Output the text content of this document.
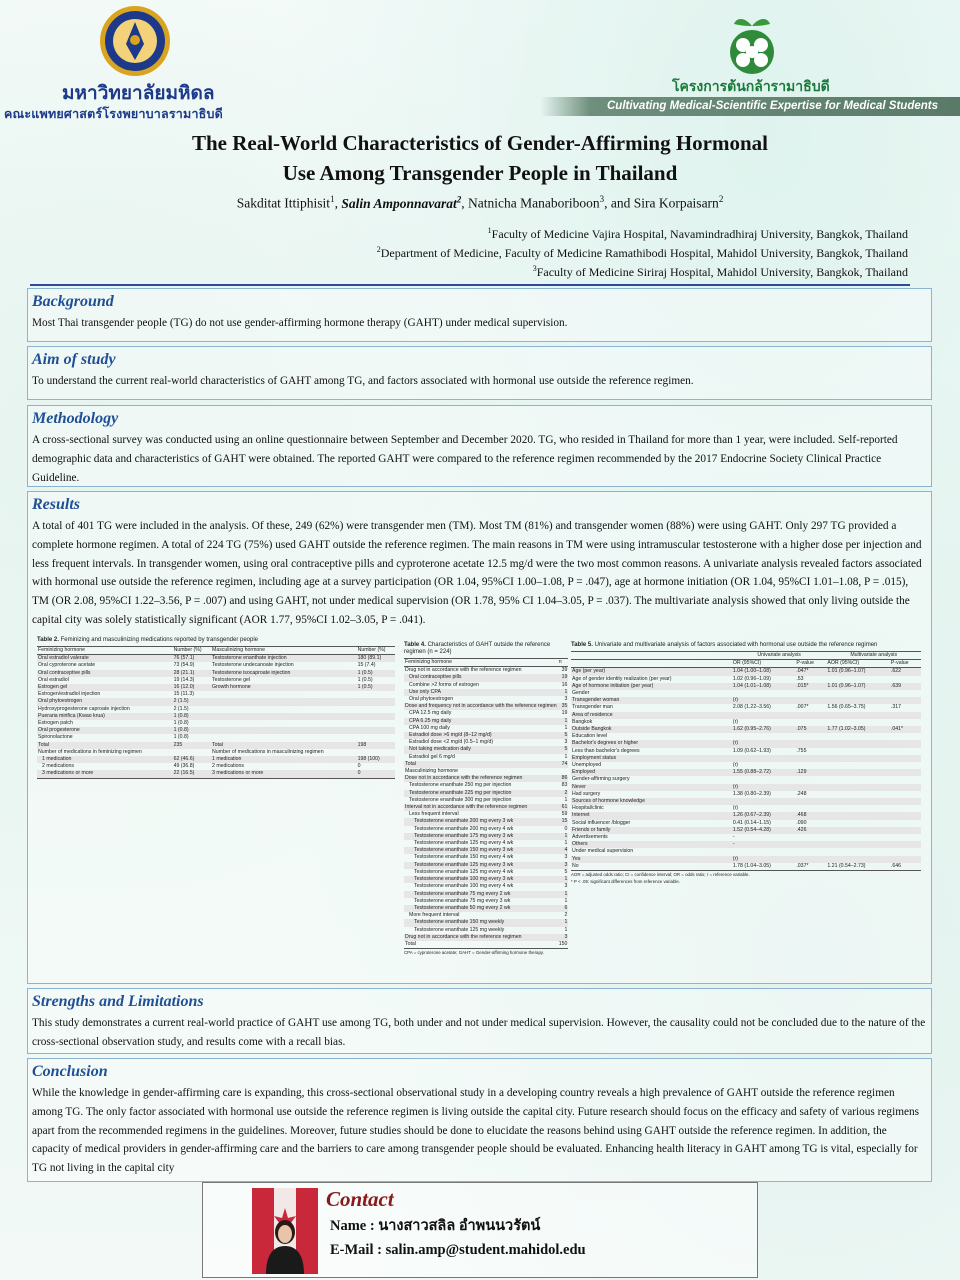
มหาวิทยาลัยมหิดล
คณะแพทยศาสตร์โรงพยาบาลรามาธิบดี
โครงการต้นกล้ารามาธิบดี
Cultivating Medical-Scientific Expertise for Medical Students
The Real-World Characteristics of Gender-Affirming Hormonal
Use Among Transgender People in Thailand
Sakditat Ittiphisit$^1$, Salin Amponnavarat$^2$, Natnicha Manaboriboon$^3$, and Sira Korpaisarn$^2$
$^1$Faculty of Medicine Vajira Hospital, Navamindradhiraj University, Bangkok, Thailand
$^2$Department of Medicine, Faculty of Medicine Ramathibodi Hospital, Mahidol University, Bangkok, Thailand
$^3$Faculty of Medicine Siriraj Hospital, Mahidol University, Bangkok, Thailand
Background

Most Thai transgender people (TG) do not use gender-affirming hormone therapy (GAHT) under medical supervision.

Aim of study

To understand the current real-world characteristics of GAHT among TG, and factors associated with hormonal use outside the reference regimen.

Methodology

A cross-sectional survey was conducted using an online questionnaire between September and December 2020. TG, who resided in Thailand for more than 1 year, were included. Self-reported demographic data and characteristics of GAHT were obtained. The reported GAHT were compared to the reference regimen recommended by the 2017 Endocrine Society Clinical Practice Guideline.

Results

A total of 401 TG were included in the analysis. Of these, 249 (62%) were transgender men (TM). Most TM (81%) and transgender women (88%) were using GAHT. Only 297 TG provided a complete hormone regimen. A total of 224 TG (75%) used GAHT outside the reference regimen. The main reasons in TM were using intramuscular testosterone with a higher dose per injection and less frequent intervals. In transgender women, using oral contraceptive pills and cyproterone acetate 12.5 mg/d were the two most common reasons. A univariate analysis revealed factors associated with hormonal use outside the reference regimen, including age at a survey participation (OR 1.04, 95%CI 1.00–1.08, P = .047), age at hormone initiation (OR 1.04, 95%CI 1.01–1.08, P = .015), TM (OR 2.08, 95%CI 1.22–3.56, P = .007) and using GAHT, not under medical supervision (OR 1.78, 95% CI 1.04–3.05, P = .037). The multivariate analysis showed that only living outside the capital city was solely statistically significant (AOR 1.77, 95%CI 1.02–3.05, P = .041).

Table 2. Feminizing and masculinizing medications reported by transgender people
Feminizing hormone	Number (%)	Masculinizing hormone	Number (%)
Oral estradiol valerate	76 (57.1)	Testosterone enanthate injection	180 (89.1)
Oral cyproterone acetate	73 (54.9)	Testosterone undecanoate injection	15 (7.4)
Oral contraceptive pills	28 (21.1)	Testosterone isocaproate injection	1 (0.5)
Oral estradiol	19 (14.3)	Testosterone gel	1 (0.5)
Estrogen gel	16 (12.0)	Growth hormone	1 (0.5)
Estrogen/estradiol injection	15 (11.3)		
Oral phytoestrogen	2 (1.5)		
Hydroxyprogesterone caproate injection	2 (1.5)		
Pueraria mirifica (Kwao krua)	1 (0.8)		
Estrogen patch	1 (0.8)		
Oral progesterone	1 (0.8)		
Spironolactone	1 (0.8)		
Total	235	Total	198
Number of medications in feminizing regimen		Number of medications in masculinizing regimen	
1 medication	62 (46.6)	1 medication	198 (100)
2 medications	49 (36.8)	2 medications	0
3 medications or more	22 (16.5)	3 medications or more	0
Table 4. Characteristics of GAHT outside the reference regimen (n = 224)
Feminizing hormone	n
Drug not in accordance with the reference regimen	39
Oral contraceptive pills	19
Combine >2 forms of estrogen	16
Use only CPA	1
Oral phytoestrogen	3
Dose and frequency not in accordance with the reference regimen	35
CPA 12.5 mg daily	19
CPA 6.25 mg daily	1
CPA 100 mg daily	1
Estradiol dose >6 mg/d (8–12 mg/d)	5
Estradiol dose <2 mg/d (0.5–1 mg/d)	3
Not taking medication daily	5
Estradiol gel 6 mg/d	1
Total	74
Masculinizing hormone	
Dose not in accordance with the reference regimen	86
Testosterone enanthate 250 mg per injection	83
Testosterone enanthate 225 mg per injection	2
Testosterone enanthate 300 mg per injection	1
Interval not in accordance with the reference regimen	61
Less frequent interval	59
Testosterone enanthate 200 mg every 3 wk	15
Testosterone enanthate 200 mg every 4 wk	0
Testosterone enanthate 175 mg every 3 wk	1
Testosterone enanthate 125 mg every 4 wk	1
Testosterone enanthate 150 mg every 3 wk	4
Testosterone enanthate 150 mg every 4 wk	3
Testosterone enanthate 125 mg every 3 wk	3
Testosterone enanthate 125 mg every 4 wk	5
Testosterone enanthate 100 mg every 3 wk	1
Testosterone enanthate 100 mg every 4 wk	3
Testosterone enanthate 75 mg every 2 wk	1
Testosterone enanthate 75 mg every 3 wk	1
Testosterone enanthate 50 mg every 2 wk	6
More frequent interval	2
Testosterone enanthate 150 mg weekly	1
Testosterone enanthate 125 mg weekly	1
Drug not in accordance with the reference regimen	3
Total	150
CPA = cyproterone acetate; GAHT = Gender-affirming hormone therapy.
Table 5. Univariate and multivariate analysis of factors associated with hormonal use outside the reference regimen
	Univariate analysis		Multivariate analysis	
	OR (95%CI)	P-value	AOR (95%CI)	P-value
Age (per year)	1.04 (1.00–1.08)	.047*	1.01 (0.96–1.07)	.622
Age of gender identity realization (per year)	1.02 (0.96–1.09)	.53		
Age of hormone initiation (per year)	1.04 (1.01–1.08)	.015*	1.01 (0.96–1.07)	.639
Gender				
Transgender woman	(r)			
Transgender man	2.08 (1.22–3.56)	.007*	1.56 (0.65–3.75)	.317
Area of residence				
Bangkok	(r)			
Outside Bangkok	1.62 (0.95–2.76)	.075	1.77 (1.02–3.05)	.041*
Education level				
Bachelor's degrees or higher	(r)			
Less than bachelor's degrees	1.09 (0.62–1.93)	.755		
Employment status				
Unemployed	(r)			
Employed	1.55 (0.88–2.72)	.129		
Gender-affirming surgery				
Never	(r)			
Had surgery	1.38 (0.80–2.39)	.248		
Sources of hormone knowledge				
Hospital/clinic	(r)			
Internet	1.26 (0.67–2.39)	.468		
Social influencer /blogger	0.41 (0.14–1.15)	.090		
Friends or family	1.52 (0.54–4.28)	.426		
Advertisements	-			
Others	-			
Under medical supervision				
Yes	(r)			
No	1.78 (1.04–3.05)	.037*	1.21 (0.54–2.73)	.646
AOR = adjusted odds ratio; CI = confidence interval; OR = odds ratio; r = reference variable.
* P < .05: significant differences from reference variable.
Strengths and Limitations

This study demonstrates a current real-world practice of GAHT use among TG, both under and not under medical supervision. However, the causality could not be concluded due to the nature of the cross-sectional observation study, and results come with a recall bias.

Conclusion

While the knowledge in gender-affirming care is expanding, this cross-sectional observational study in a developing country reveals a high prevalence of GAHT outside the reference regimen among TG. The only factor associated with hormonal use outside the reference regimen is living outside the capital city. Future research should focus on the efficacy and safety of various regimens apart from the recommended regimens in the guidelines. Moreover, future studies should be done to elucidate the reasons behind using GAHT outside the reference regimen. In addition, the capacity of medical providers in gender-affirming care and the barriers to care among transgender people should be evaluated. Enhancing health literacy in GAHT among TG is vital, especially for TG not living in the capital city

Contact
Name : นางสาวสลิล อำพนนวรัตน์
E-Mail : salin.amp@student.mahidol.edu
